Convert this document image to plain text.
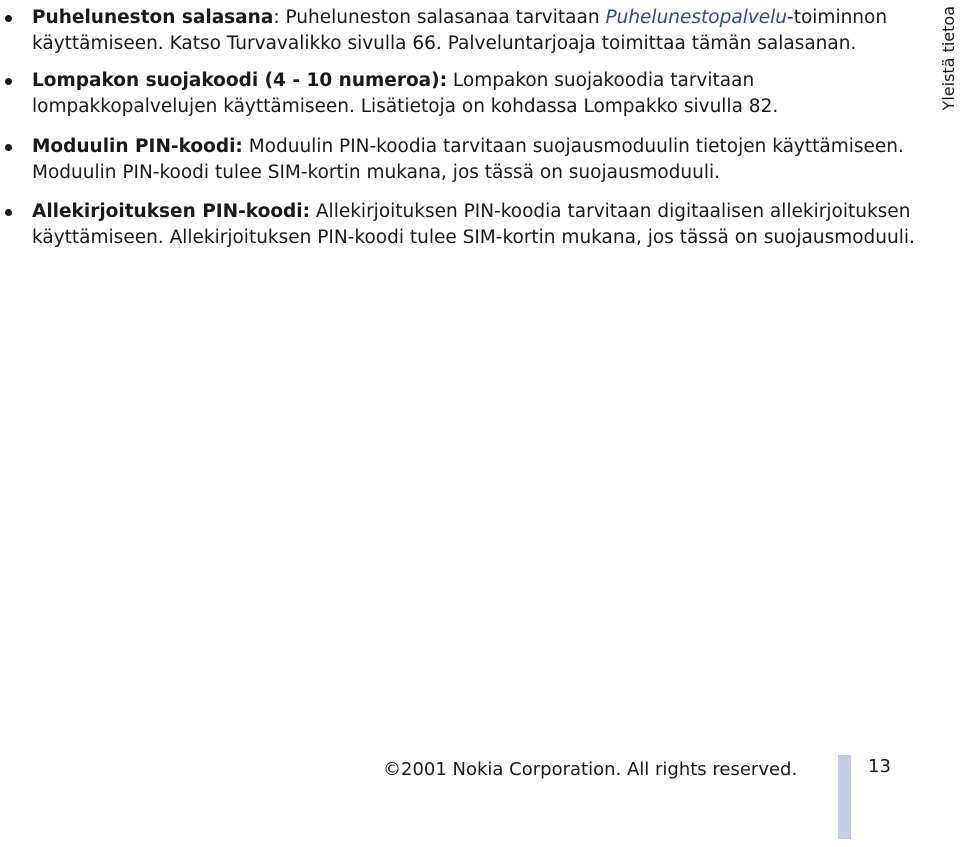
Puheluneston salasana: Puheluneston salasanaa tarvitaan Puhelunestopalvelu-toiminnon käyttämiseen. Katso Turvavalikko sivulla 66. Palveluntarjoaja toimittaa tämän salasanan.
Lompakon suojakoodi (4 - 10 numeroa): Lompakon suojakoodia tarvitaan lompakkopalvelujen käyttämiseen. Lisätietoja on kohdassa Lompakko sivulla 82.
Moduulin PIN-koodi: Moduulin PIN-koodia tarvitaan suojausmoduulin tietojen käyttämiseen. Moduulin PIN-koodi tulee SIM-kortin mukana, jos tässä on suojausmoduuli.
Allekirjoituksen PIN-koodi: Allekirjoituksen PIN-koodia tarvitaan digitaalisen allekirjoituksen käyttämiseen. Allekirjoituksen PIN-koodi tulee SIM-kortin mukana, jos tässä on suojausmoduuli.
Yleistä tietoa
©2001 Nokia Corporation. All rights reserved.	13
